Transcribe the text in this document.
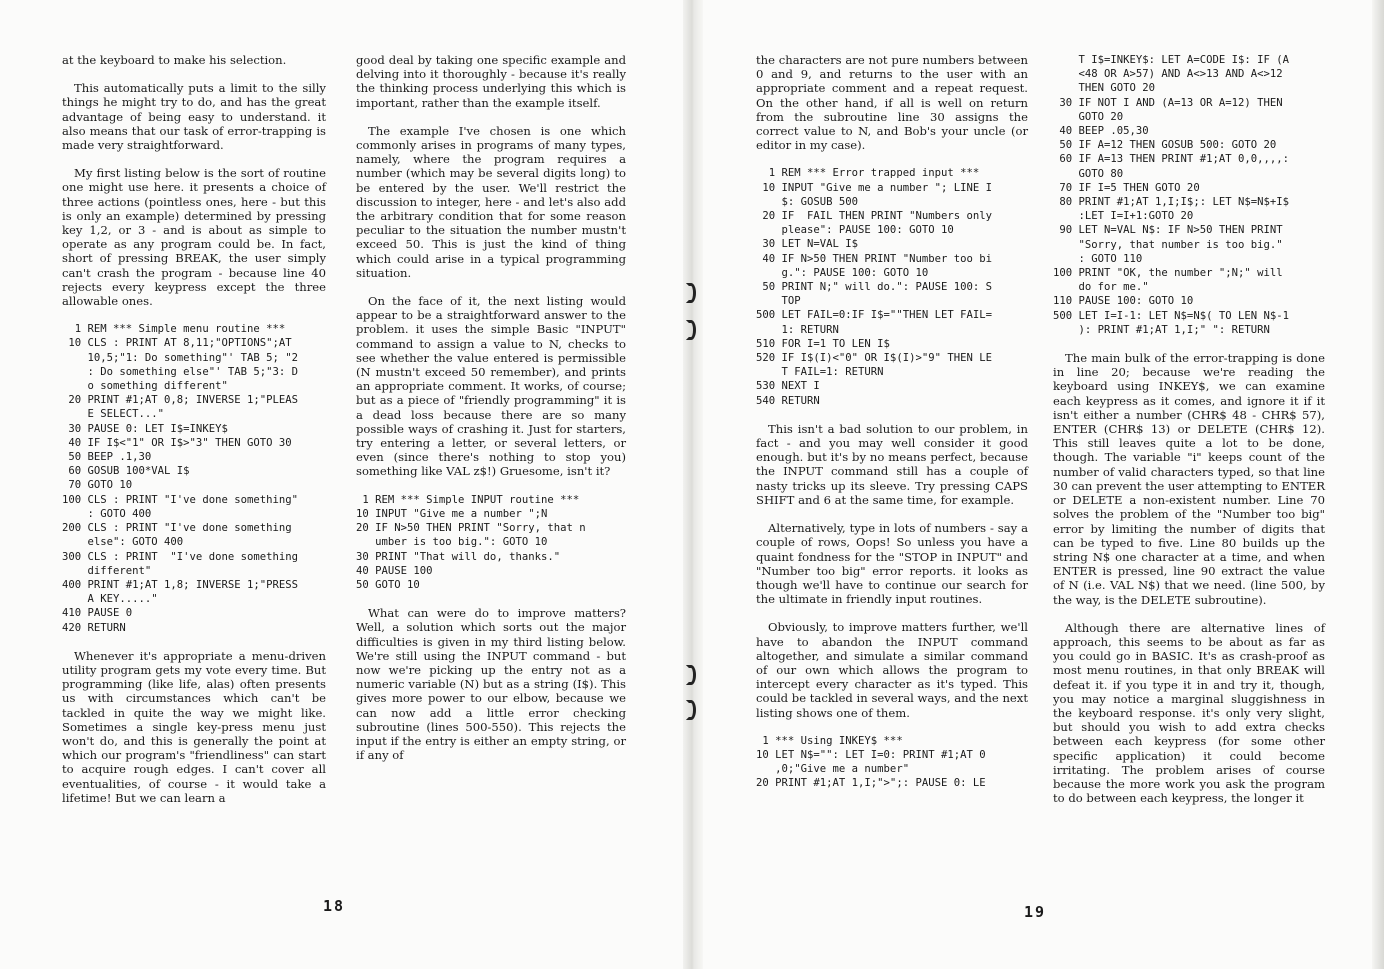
at the keyboard to make his selection.

This automatically puts a limit to the silly things he might try to do, and has the great advantage of being easy to understand. it also means that our task of error-trapping is made very straightforward.

My first listing below is the sort of routine one might use here. it presents a choice of three actions (pointless ones, here - but this is only an example) determined by pressing key 1,2, or 3 - and is about as simple to operate as any program could be. In fact, short of pressing BREAK, the user simply can't crash the program - because line 40 rejects every keypress except the three allowable ones.

1 REM *** Simple menu routine ***
10 CLS : PRINT AT 8,11;"OPTIONS";AT
10,5;"1: Do something"' TAB 5; "2
: Do something else"' TAB 5;"3: D
o something different"
20 PRINT #1;AT 0,8; INVERSE 1;"PLEAS
E SELECT..."
30 PAUSE 0: LET I$=INKEY$
40 IF I$<"1" OR I$>"3" THEN GOTO 30
50 BEEP .1,30
60 GOSUB 100*VAL I$
70 GOTO 10
100 CLS : PRINT "I've done something"
: GOTO 400
200 CLS : PRINT "I've done something
else": GOTO 400
300 CLS : PRINT  "I've done something
different"
400 PRINT #1;AT 1,8; INVERSE 1;"PRESS
A KEY....."
410 PAUSE 0
420 RETURN

Whenever it's appropriate a menu-driven utility program gets my vote every time. But programming (like life, alas) often presents us with circumstances which can't be tackled in quite the way we might like. Sometimes a single key-press menu just won't do, and this is generally the point at which our program's "friendliness" can start to acquire rough edges. I can't cover all eventualities, of course - it would take a lifetime! But we can learn a

good deal by taking one specific example and delving into it thoroughly - because it's really the thinking process underlying this which is important, rather than the example itself.

The example I've chosen is one which commonly arises in programs of many types, namely, where the program requires a number (which may be several digits long) to be entered by the user. We'll restrict the discussion to integer, here - and let's also add the arbitrary condition that for some reason peculiar to the situation the number mustn't exceed 50. This is just the kind of thing which could arise in a typical programming situation.

On the face of it, the next listing would appear to be a straightforward answer to the problem. it uses the simple Basic "INPUT" command to assign a value to N, checks to see whether the value entered is permissible (N mustn't exceed 50 remember), and prints an appropriate comment. It works, of course; but as a piece of "friendly programming" it is a dead loss because there are so many possible ways of crashing it. Just for starters, try entering a letter, or several letters, or even (since there's nothing to stop you) something like VAL z$!) Gruesome, isn't it?

1 REM *** Simple INPUT routine ***
10 INPUT "Give me a number ";N
20 IF N>50 THEN PRINT "Sorry, that n
umber is too big.": GOTO 10
30 PRINT "That will do, thanks."
40 PAUSE 100
50 GOTO 10

What can were do to improve matters? Well, a solution which sorts out the major difficulties is given in my third listing below. We're still using the INPUT command - but now we're picking up the entry not as a numeric variable (N) but as a string (I$). This gives more power to our elbow, because we can now add a little error checking subroutine (lines 500-550). This rejects the input if the entry is either an empty string, or if any of

18

the characters are not pure numbers between 0 and 9, and returns to the user with an appropriate comment and a repeat request. On the other hand, if all is well on return from the subroutine line 30 assigns the correct value to N, and Bob's your uncle (or editor in my case).

1 REM *** Error trapped input ***
10 INPUT "Give me a number "; LINE I
$: GOSUB 500
20 IF  FAIL THEN PRINT "Numbers only
please": PAUSE 100: GOTO 10
30 LET N=VAL I$
40 IF N>50 THEN PRINT "Number too bi
g.": PAUSE 100: GOTO 10
50 PRINT N;" will do.": PAUSE 100: S
TOP
500 LET FAIL=0:IF I$=""THEN LET FAIL=
1: RETURN
510 FOR I=1 TO LEN I$
520 IF I$(I)<"0" OR I$(I)>"9" THEN LE
T FAIL=1: RETURN
530 NEXT I
540 RETURN

This isn't a bad solution to our problem, in fact - and you may well consider it good enough. but it's by no means perfect, because the INPUT command still has a couple of nasty tricks up its sleeve. Try pressing CAPS SHIFT and 6 at the same time, for example.

Alternatively, type in lots of numbers - say a couple of rows, Oops! So unless you have a quaint fondness for the "STOP in INPUT" and "Number too big" error reports. it looks as though we'll have to continue our search for the ultimate in friendly input routines.

Obviously, to improve matters further, we'll have to abandon the INPUT command altogether, and simulate a similar command of our own which allows the program to intercept every character as it's typed. This could be tackled in several ways, and the next listing shows one of them.

1 *** Using INKEY$ ***
10 LET N$="": LET I=0: PRINT #1;AT 0
,0;"Give me a number"
20 PRINT #1;AT 1,I;">";: PAUSE 0: LE
T I$=INKEY$: LET A=CODE I$: IF (A
<48 OR A>57) AND A<>13 AND A<>12
THEN GOTO 20
30 IF NOT I AND (A=13 OR A=12) THEN
GOTO 20
40 BEEP .05,30
50 IF A=12 THEN GOSUB 500: GOTO 20
60 IF A=13 THEN PRINT #1;AT 0,0,,,,:
GOTO 80
70 IF I=5 THEN GOTO 20
80 PRINT #1;AT 1,I;I$;: LET N$=N$+I$
:LET I=I+1:GOTO 20
90 LET N=VAL N$: IF N>50 THEN PRINT
"Sorry, that number is too big."
: GOTO 110
100 PRINT "OK, the number ";N;" will
do for me."
110 PAUSE 100: GOTO 10
500 LET I=I-1: LET N$=N$( TO LEN N$-1
): PRINT #1;AT 1,I;" ": RETURN

The main bulk of the error-trapping is done in line 20; because we're reading the keyboard using INKEY$, we can examine each keypress as it comes, and ignore it if it isn't either a number (CHR$ 48 - CHR$ 57), ENTER (CHR$ 13) or DELETE (CHR$ 12). This still leaves quite a lot to be done, though. The variable "i" keeps count of the number of valid characters typed, so that line 30 can prevent the user attempting to ENTER or DELETE a non-existent number. Line 70 solves the problem of the "Number too big" error by limiting the number of digits that can be typed to five. Line 80 builds up the string N$ one character at a time, and when ENTER is pressed, line 90 extract the value of N (i.e. VAL N$) that we need. (line 500, by the way, is the DELETE subroutine).

Although there are alternative lines of approach, this seems to be about as far as you could go in BASIC. It's as crash-proof as most menu routines, in that only BREAK will defeat it. if you type it in and try it, though, you may notice a marginal sluggishness in the keyboard response. it's only very slight, but should you wish to add extra checks between each keypress (for some other specific application) it could become irritating. The problem arises of course because the more work you ask the program to do between each keypress, the longer it

19
